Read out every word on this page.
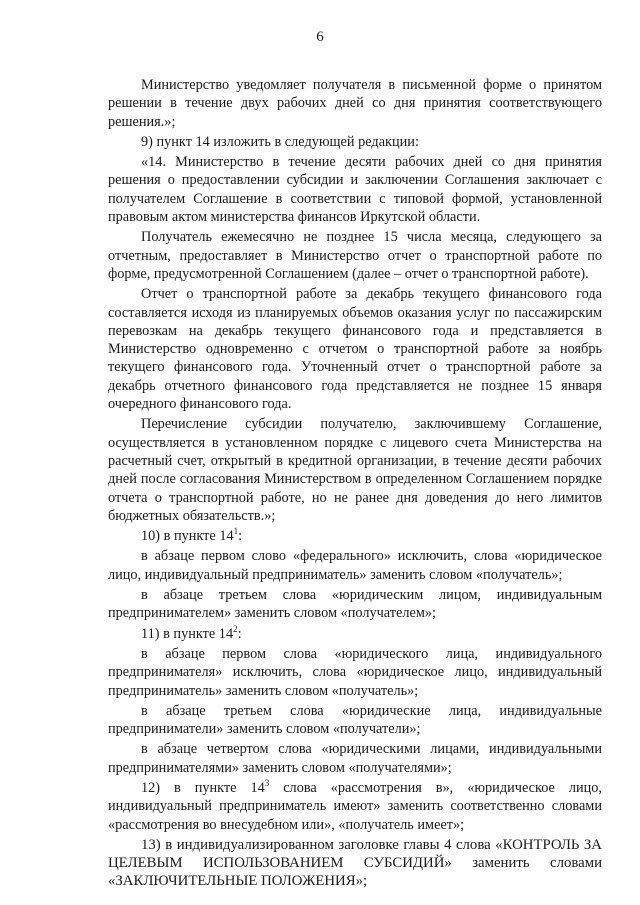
6

Министерство уведомляет получателя в письменной форме о принятом решении в течение двух рабочих дней со дня принятия соответствующего решения.»;

9) пункт 14 изложить в следующей редакции:

«14. Министерство в течение десяти рабочих дней со дня принятия решения о предоставлении субсидии и заключении Соглашения заключает с получателем Соглашение в соответствии с типовой формой, установленной правовым актом министерства финансов Иркутской области.

Получатель ежемесячно не позднее 15 числа месяца, следующего за отчетным, предоставляет в Министерство отчет о транспортной работе по форме, предусмотренной Соглашением (далее – отчет о транспортной работе).

Отчет о транспортной работе за декабрь текущего финансового года составляется исходя из планируемых объемов оказания услуг по пассажирским перевозкам на декабрь текущего финансового года и представляется в Министерство одновременно с отчетом о транспортной работе за ноябрь текущего финансового года. Уточненный отчет о транспортной работе за декабрь отчетного финансового года представляется не позднее 15 января очередного финансового года.

Перечисление субсидии получателю, заключившему Соглашение, осуществляется в установленном порядке с лицевого счета Министерства на расчетный счет, открытый в кредитной организации, в течение десяти рабочих дней после согласования Министерством в определенном Соглашением порядке отчета о транспортной работе, но не ранее дня доведения до него лимитов бюджетных обязательств.»;

10) в пункте $14^1$:

в абзаце первом слово «федерального» исключить, слова «юридическое лицо, индивидуальный предприниматель» заменить словом «получатель»;

в абзаце третьем слова «юридическим лицом, индивидуальным предпринимателем» заменить словом «получателем»;

11) в пункте $14^2$:

в абзаце первом слова «юридического лица, индивидуального предпринимателя» исключить, слова «юридическое лицо, индивидуальный предприниматель» заменить словом «получатель»;

в абзаце третьем слова «юридические лица, индивидуальные предприниматели» заменить словом «получатели»;

в абзаце четвертом слова «юридическими лицами, индивидуальными предпринимателями» заменить словом «получателями»;

12) в пункте $14^3$ слова «рассмотрения в», «юридическое лицо, индивидуальный предприниматель имеют» заменить соответственно словами «рассмотрения во внесудебном или», «получатель имеет»;

13) в индивидуализированном заголовке главы 4 слова «КОНТРОЛЬ ЗА ЦЕЛЕВЫМ ИСПОЛЬЗОВАНИЕМ СУБСИДИЙ» заменить словами «ЗАКЛЮЧИТЕЛЬНЫЕ ПОЛОЖЕНИЯ»;
